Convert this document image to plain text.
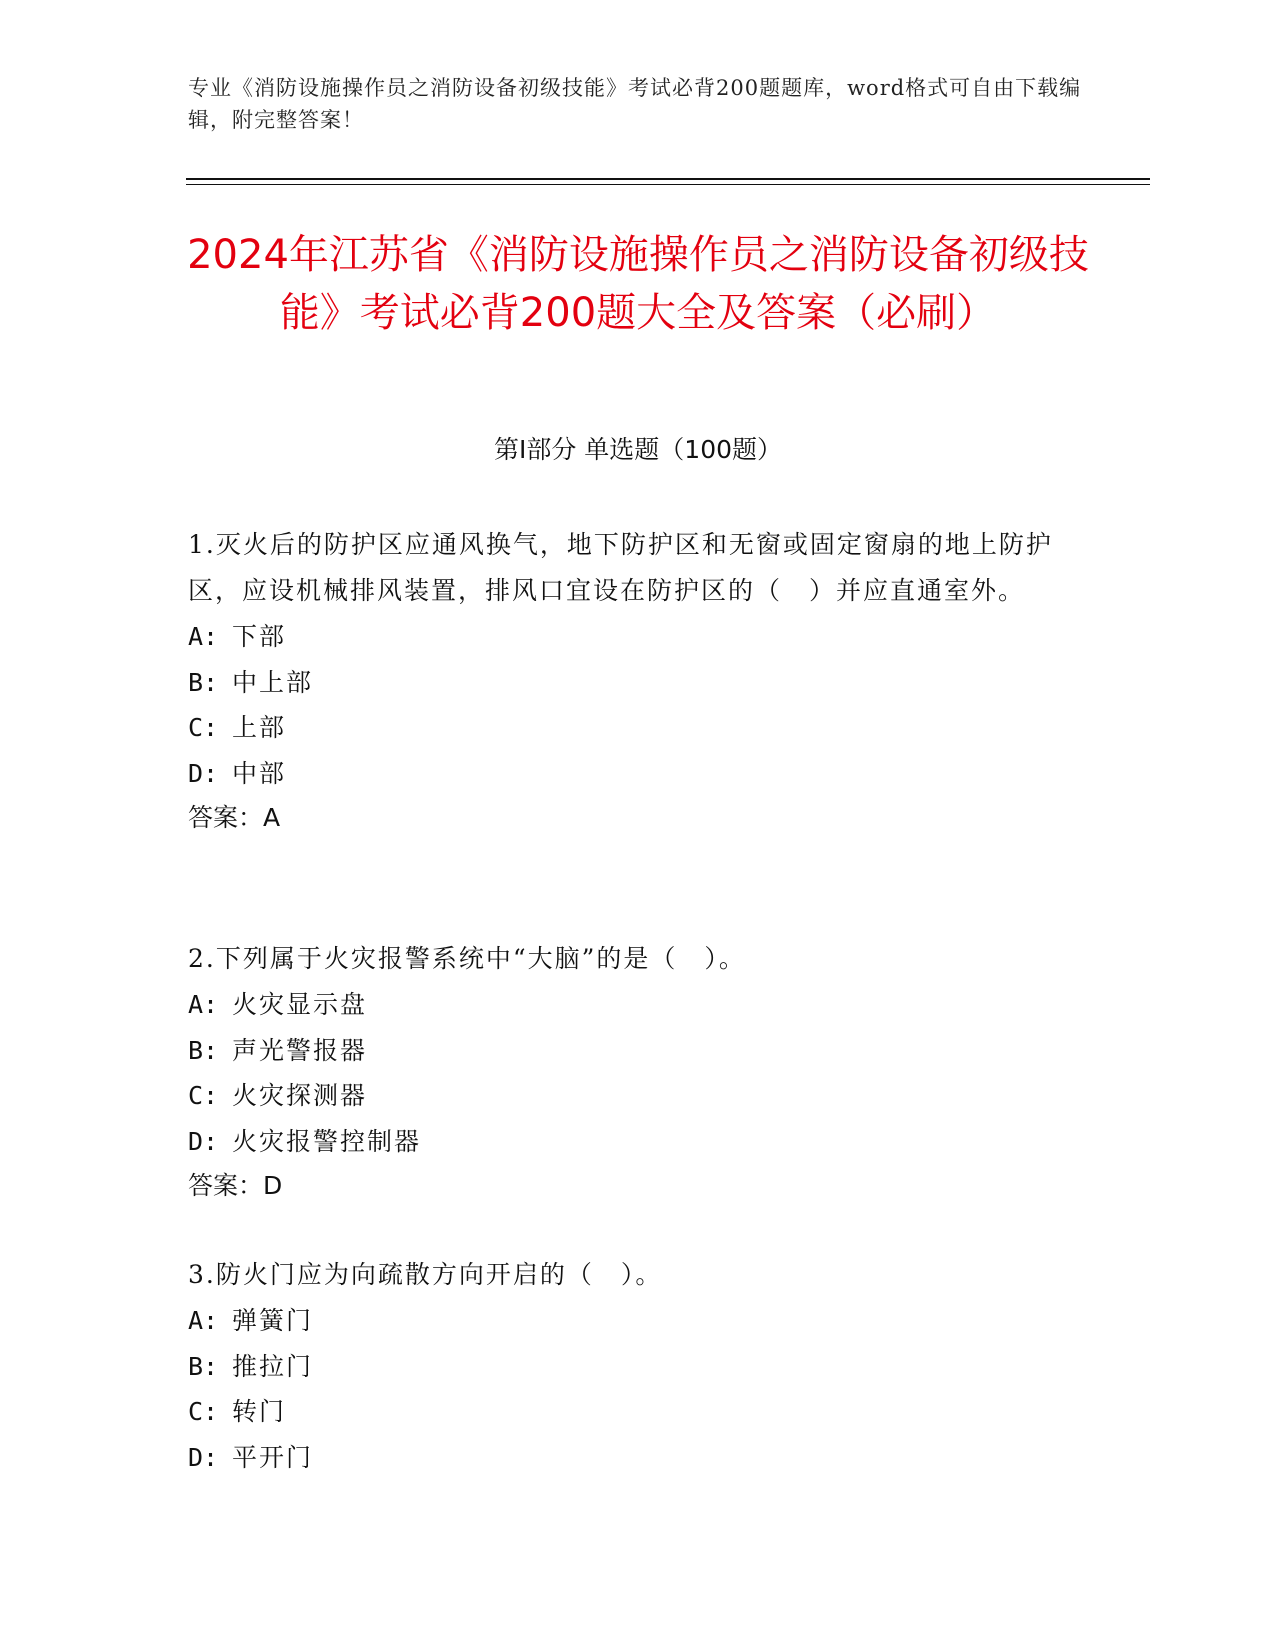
专业《消防设施操作员之消防设备初级技能》考试必背200题题库，word格式可自由下载编辑，附完整答案！
2024年江苏省《消防设施操作员之消防设备初级技能》考试必背200题大全及答案（必刷）
第Ⅰ部分 单选题（100题）
1.灭火后的防护区应通风换气，地下防护区和无窗或固定窗扇的地上防护区，应设机械排风装置，排风口宜设在防护区的（　）并应直通室外。
A: 下部
B: 中上部
C: 上部
D: 中部
答案：A
2.下列属于火灾报警系统中“大脑”的是（　）。
A: 火灾显示盘
B: 声光警报器
C: 火灾探测器
D: 火灾报警控制器
答案：D
3.防火门应为向疏散方向开启的（　）。
A: 弹簧门
B: 推拉门
C: 转门
D: 平开门
